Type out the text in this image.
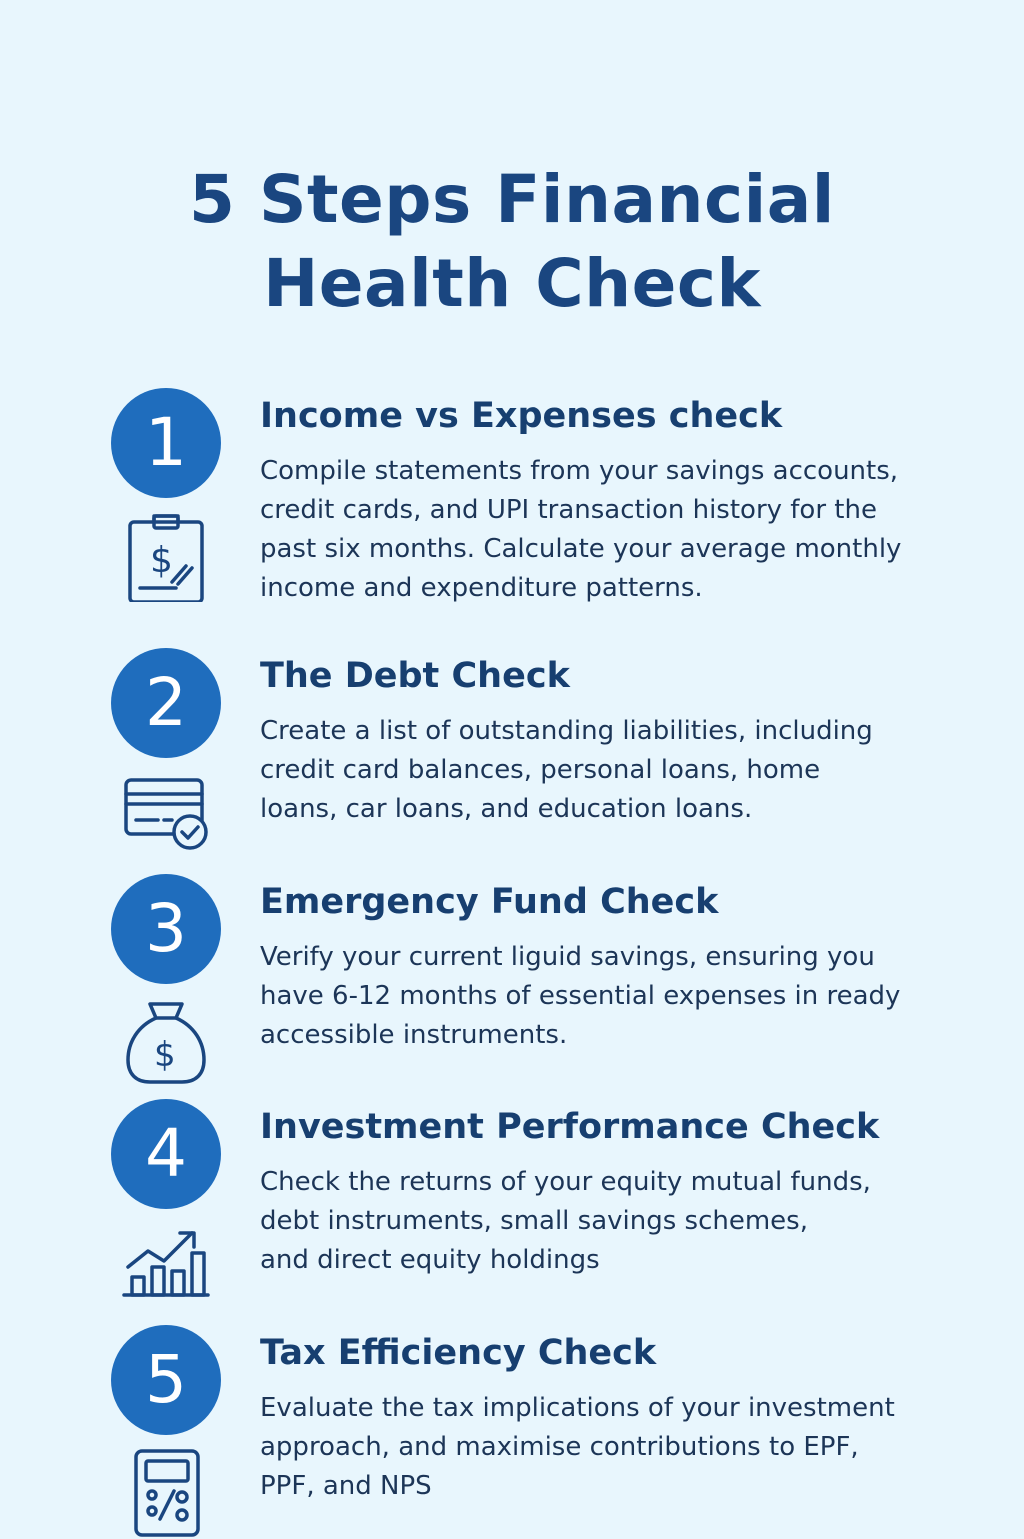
5 Steps Financial
Health Check
1
$
Income vs Expenses check

Compile statements from your savings accounts,
credit cards, and UPI transaction history for the
past six months. Calculate your average monthly
income and expenditure patterns.

2	The Debt Check

Create a list of outstanding liabilities, including
credit card balances, personal loans, home
loans, car loans, and education loans.

3
$
Emergency Fund Check

Verify your current liguid savings, ensuring you
have 6-12 months of essential expenses in ready
accessible instruments.

4	Investment Performance Check

Check the returns of your equity mutual funds,
debt instruments, small savings schemes,
and direct equity holdings

5	Tax Efficiency Check

Evaluate the tax implications of your investment
approach, and maximise contributions to EPF,
PPF, and NPS
